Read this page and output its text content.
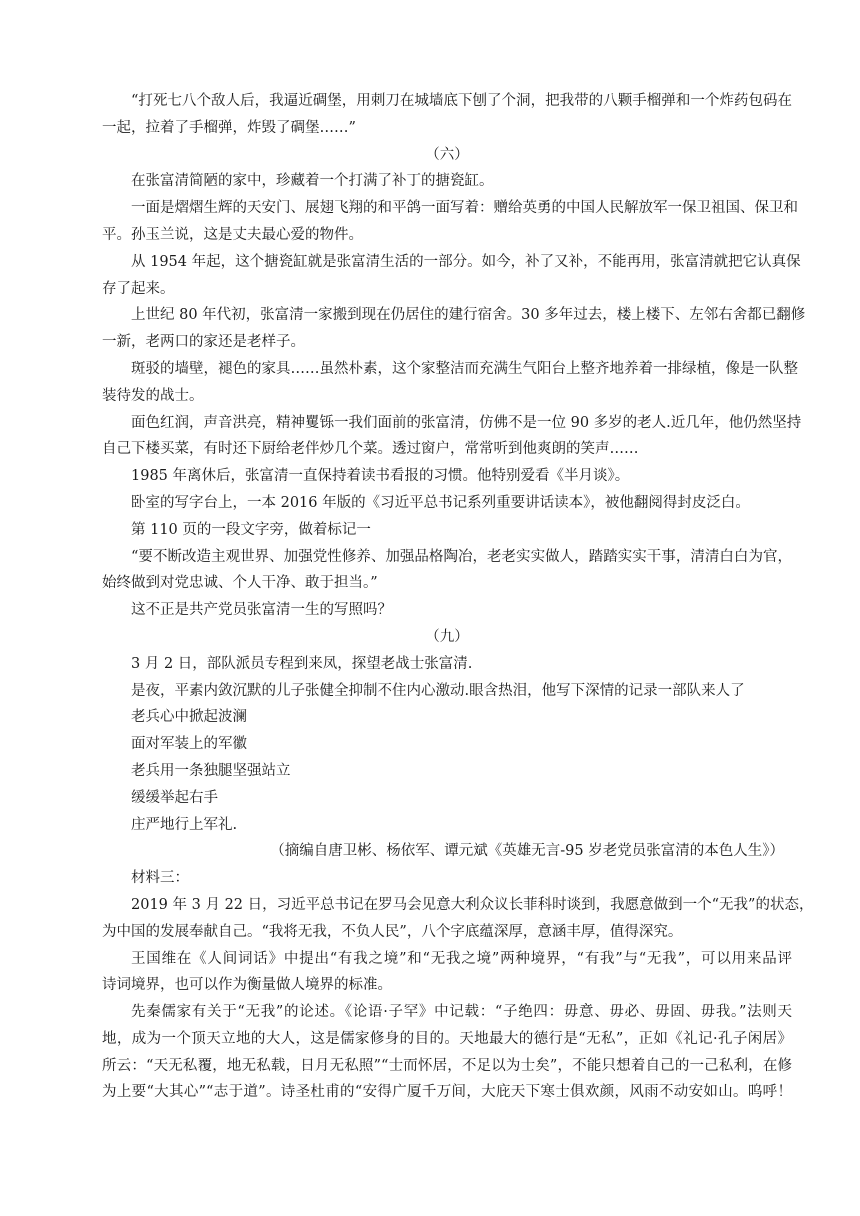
“打死七八个敌人后，我逼近碉堡，用刺刀在城墙底下刨了个洞，把我带的八颗手榴弹和一个炸药包码在
一起，拉着了手榴弹，炸毁了碉堡……”
（六）
在张富清简陋的家中，珍藏着一个打满了补丁的搪瓷缸。
一面是熠熠生辉的天安门、展翅飞翔的和平鸽一面写着：赠给英勇的中国人民解放军一保卫祖国、保卫和
平。孙玉兰说，这是丈夫最心爱的物件。
从 1954 年起，这个搪瓷缸就是张富清生活的一部分。如今，补了又补，不能再用，张富清就把它认真保
存了起来。
上世纪 80 年代初，张富清一家搬到现在仍居住的建行宿舍。30 多年过去，楼上楼下、左邻右舍都已翻修
一新，老两口的家还是老样子。
斑驳的墙壁，褪色的家具……虽然朴素，这个家整洁而充满生气阳台上整齐地养着一排绿植，像是一队整
装待发的战士。
面色红润，声音洪亮，精神矍铄一我们面前的张富清，仿佛不是一位 90 多岁的老人.近几年，他仍然坚持
自己下楼买菜，有时还下厨给老伴炒几个菜。透过窗户，常常听到他爽朗的笑声……
1985 年离休后，张富清一直保持着读书看报的习惯。他特别爱看《半月谈》。
卧室的写字台上，一本 2016 年版的《习近平总书记系列重要讲话读本》，被他翻阅得封皮泛白。
第 110 页的一段文字旁，做着标记一
“要不断改造主观世界、加强党性修养、加强品格陶冶，老老实实做人，踏踏实实干事，清清白白为官，
始终做到对党忠诚、个人干净、敢于担当。”
这不正是共产党员张富清一生的写照吗？
（九）
3 月 2 日，部队派员专程到来凤，探望老战士张富清.
是夜，平素内敛沉默的儿子张健全抑制不住内心激动.眼含热泪，他写下深情的记录一部队来人了
老兵心中掀起波澜
面对军装上的军徽
老兵用一条独腿坚强站立
缓缓举起右手
庄严地行上军礼.
（摘编自唐卫彬、杨依军、谭元斌《英雄无言-95 岁老党员张富清的本色人生》）
材料三：
2019 年 3 月 22 日，习近平总书记在罗马会见意大利众议长菲科时谈到，我愿意做到一个“无我”的状态，
为中国的发展奉献自己。“我将无我，不负人民”，八个字底蕴深厚，意涵丰厚，值得深究。
王国维在《人间词话》中提出“有我之境”和“无我之境”两种境界，“有我”与“无我”，可以用来品评
诗词境界，也可以作为衡量做人境界的标准。
先秦儒家有关于“无我”的论述。《论语·子罕》中记载：“子绝四：毋意、毋必、毋固、毋我。”法则天
地，成为一个顶天立地的大人，这是儒家修身的目的。天地最大的德行是“无私”，正如《礼记·孔子闲居》
所云：“天无私覆，地无私载，日月无私照”“士而怀居，不足以为士矣”，不能只想着自己的一己私利，在修
为上要“大其心”“志于道”。诗圣杜甫的“安得广厦千万间，大庇天下寒士俱欢颜，风雨不动安如山。呜呼！
